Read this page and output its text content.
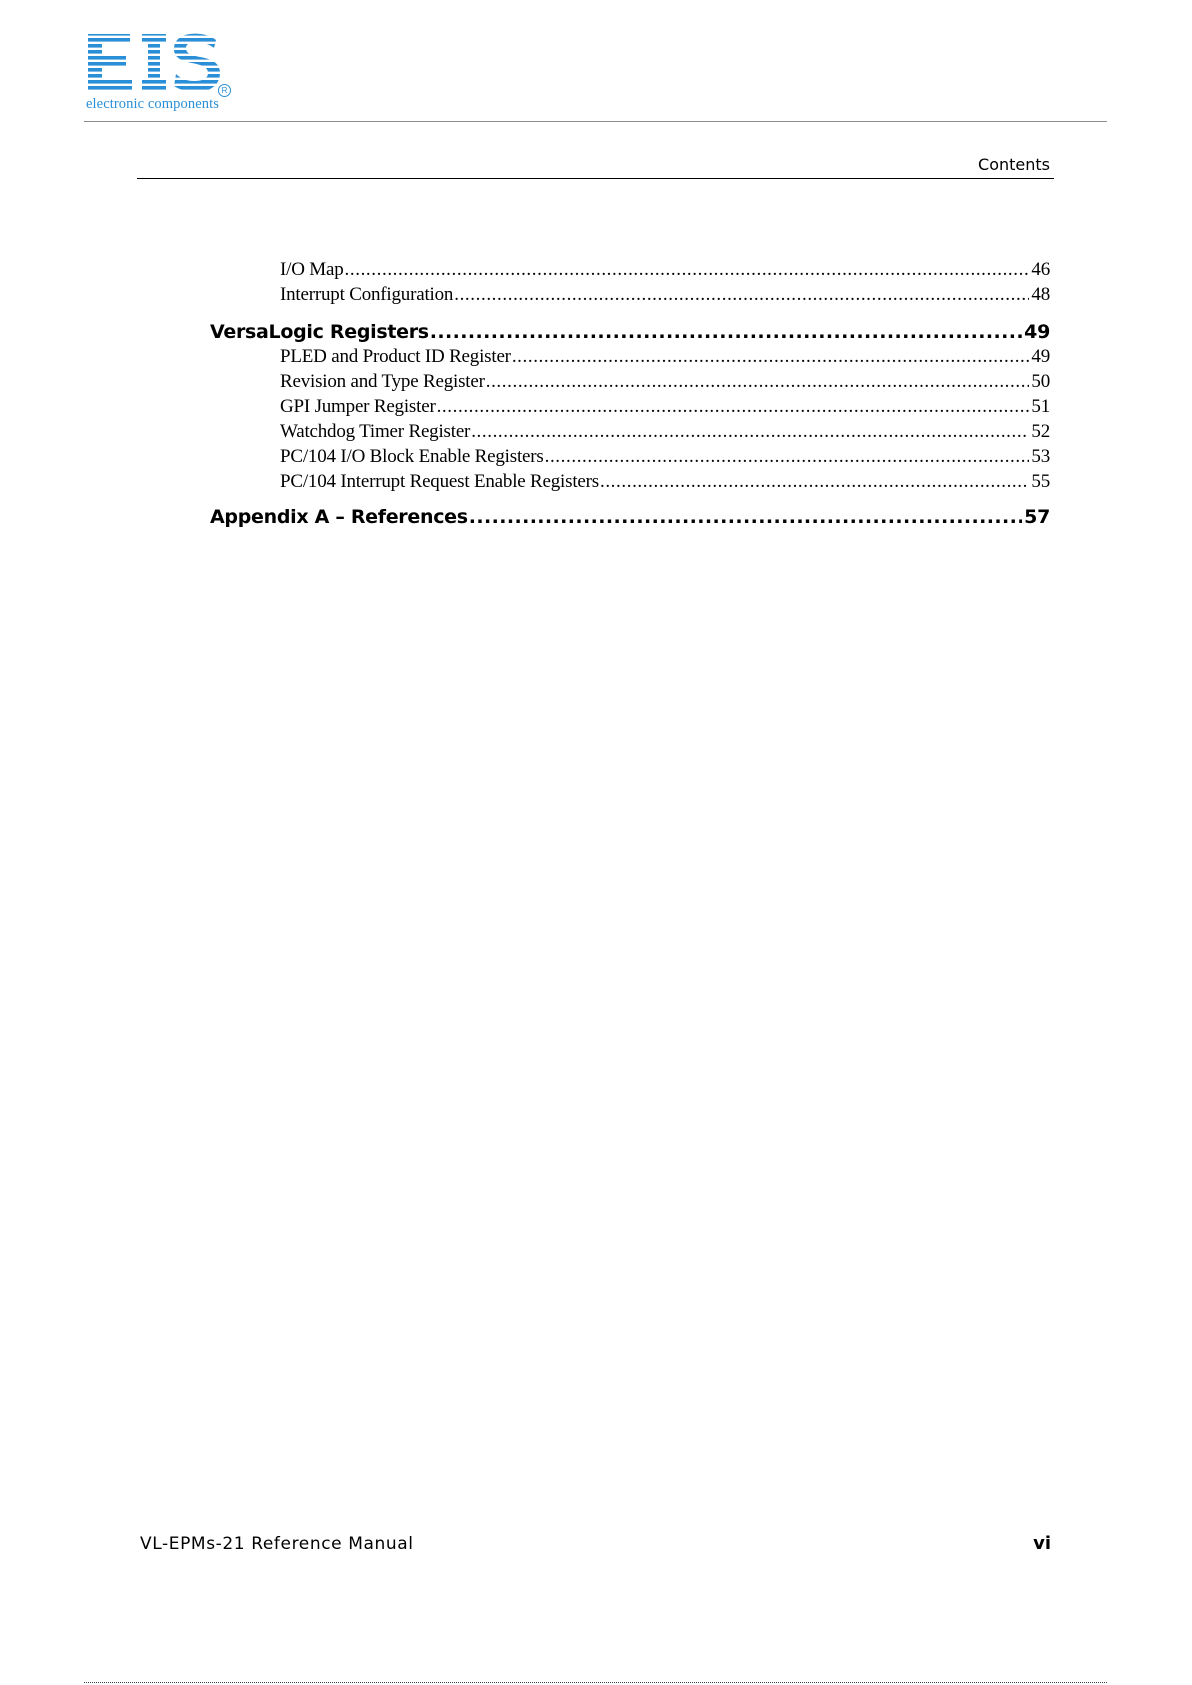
R
electronic components
Contents
I/O Map .....	46
Interrupt Configuration .....	48
VersaLogic Registers .....	49
PLED and Product ID Register .....	49
Revision and Type Register .....	50
GPI Jumper Register .....	51
Watchdog Timer Register .....	52
PC/104 I/O Block Enable Registers .....	53
PC/104 Interrupt Request Enable Registers .....	55
Appendix A – References .....	57
VL-EPMs-21 Reference Manual	vi
